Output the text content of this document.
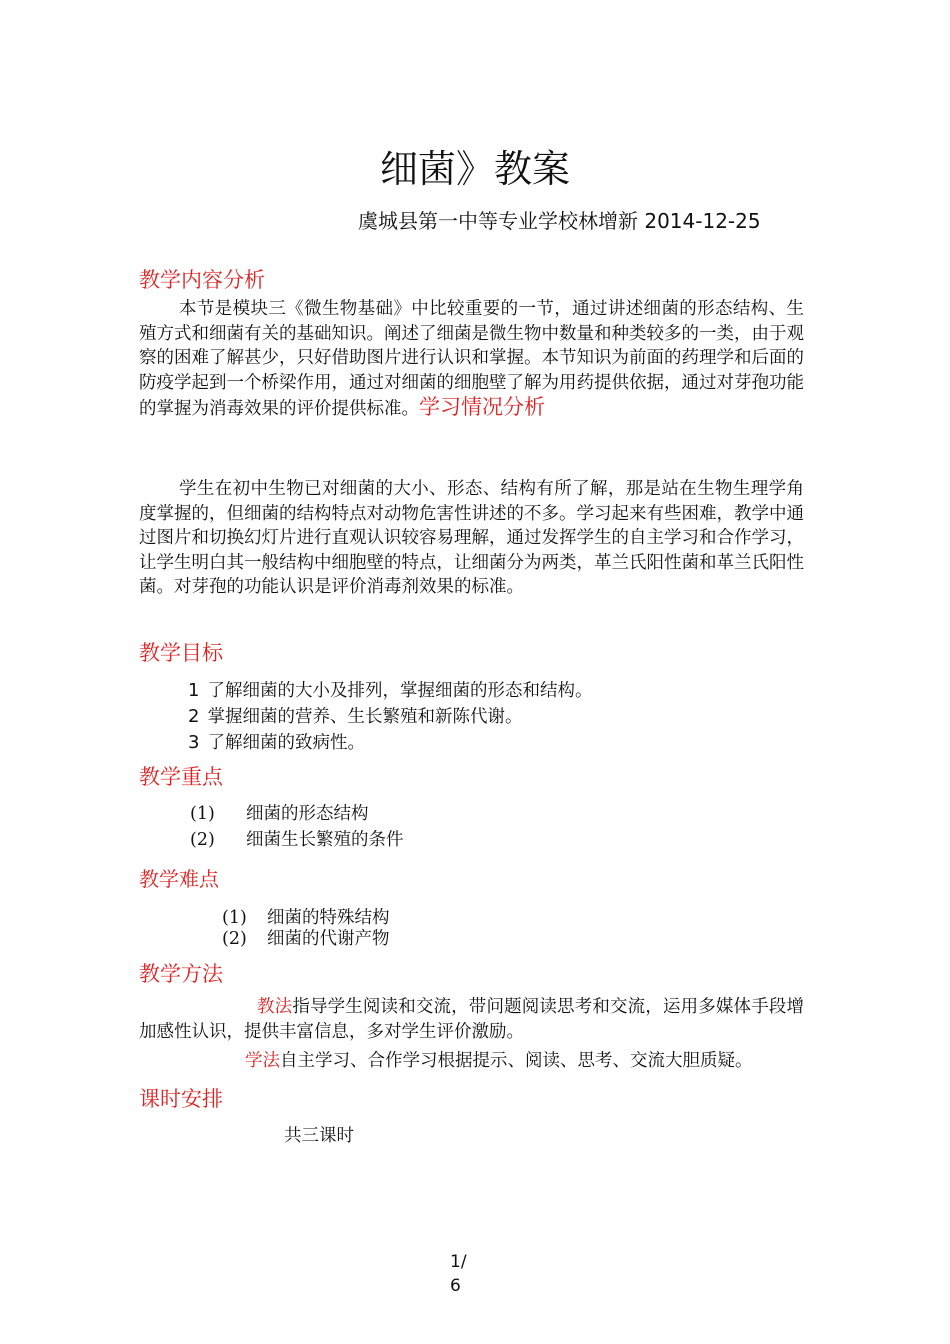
细菌》教案
虞城县第一中等专业学校林增新 2014-12-25
教学内容分析
本节是模块三《微生物基础》中比较重要的一节，通过讲述细菌的形态结构、生殖方式和细菌有关的基础知识。阐述了细菌是微生物中数量和种类较多的一类，由于观察的困难了解甚少，只好借助图片进行认识和掌握。本节知识为前面的药理学和后面的防疫学起到一个桥梁作用，通过对细菌的细胞壁了解为用药提供依据，通过对芽孢功能的掌握为消毒效果的评价提供标准。学习情况分析
学生在初中生物已对细菌的大小、形态、结构有所了解，那是站在生物生理学角度掌握的，但细菌的结构特点对动物危害性讲述的不多。学习起来有些困难，教学中通过图片和切换幻灯片进行直观认识较容易理解，通过发挥学生的自主学习和合作学习，让学生明白其一般结构中细胞壁的特点，让细菌分为两类，革兰氏阳性菌和革兰氏阳性菌。对芽孢的功能认识是评价消毒剂效果的标准。
教学目标
1 了解细菌的大小及排列，掌握细菌的形态和结构。
2 掌握细菌的营养、生长繁殖和新陈代谢。
3 了解细菌的致病性。
教学重点
(1) 细菌的形态结构
(2) 细菌生长繁殖的条件
教学难点
(1) 细菌的特殊结构
(2) 细菌的代谢产物
教学方法
教法指导学生阅读和交流，带问题阅读思考和交流，运用多媒体手段增加感性认识，提供丰富信息，多对学生评价激励。
学法自主学习、合作学习根据提示、阅读、思考、交流大胆质疑。
课时安排
共三课时
1/
6
